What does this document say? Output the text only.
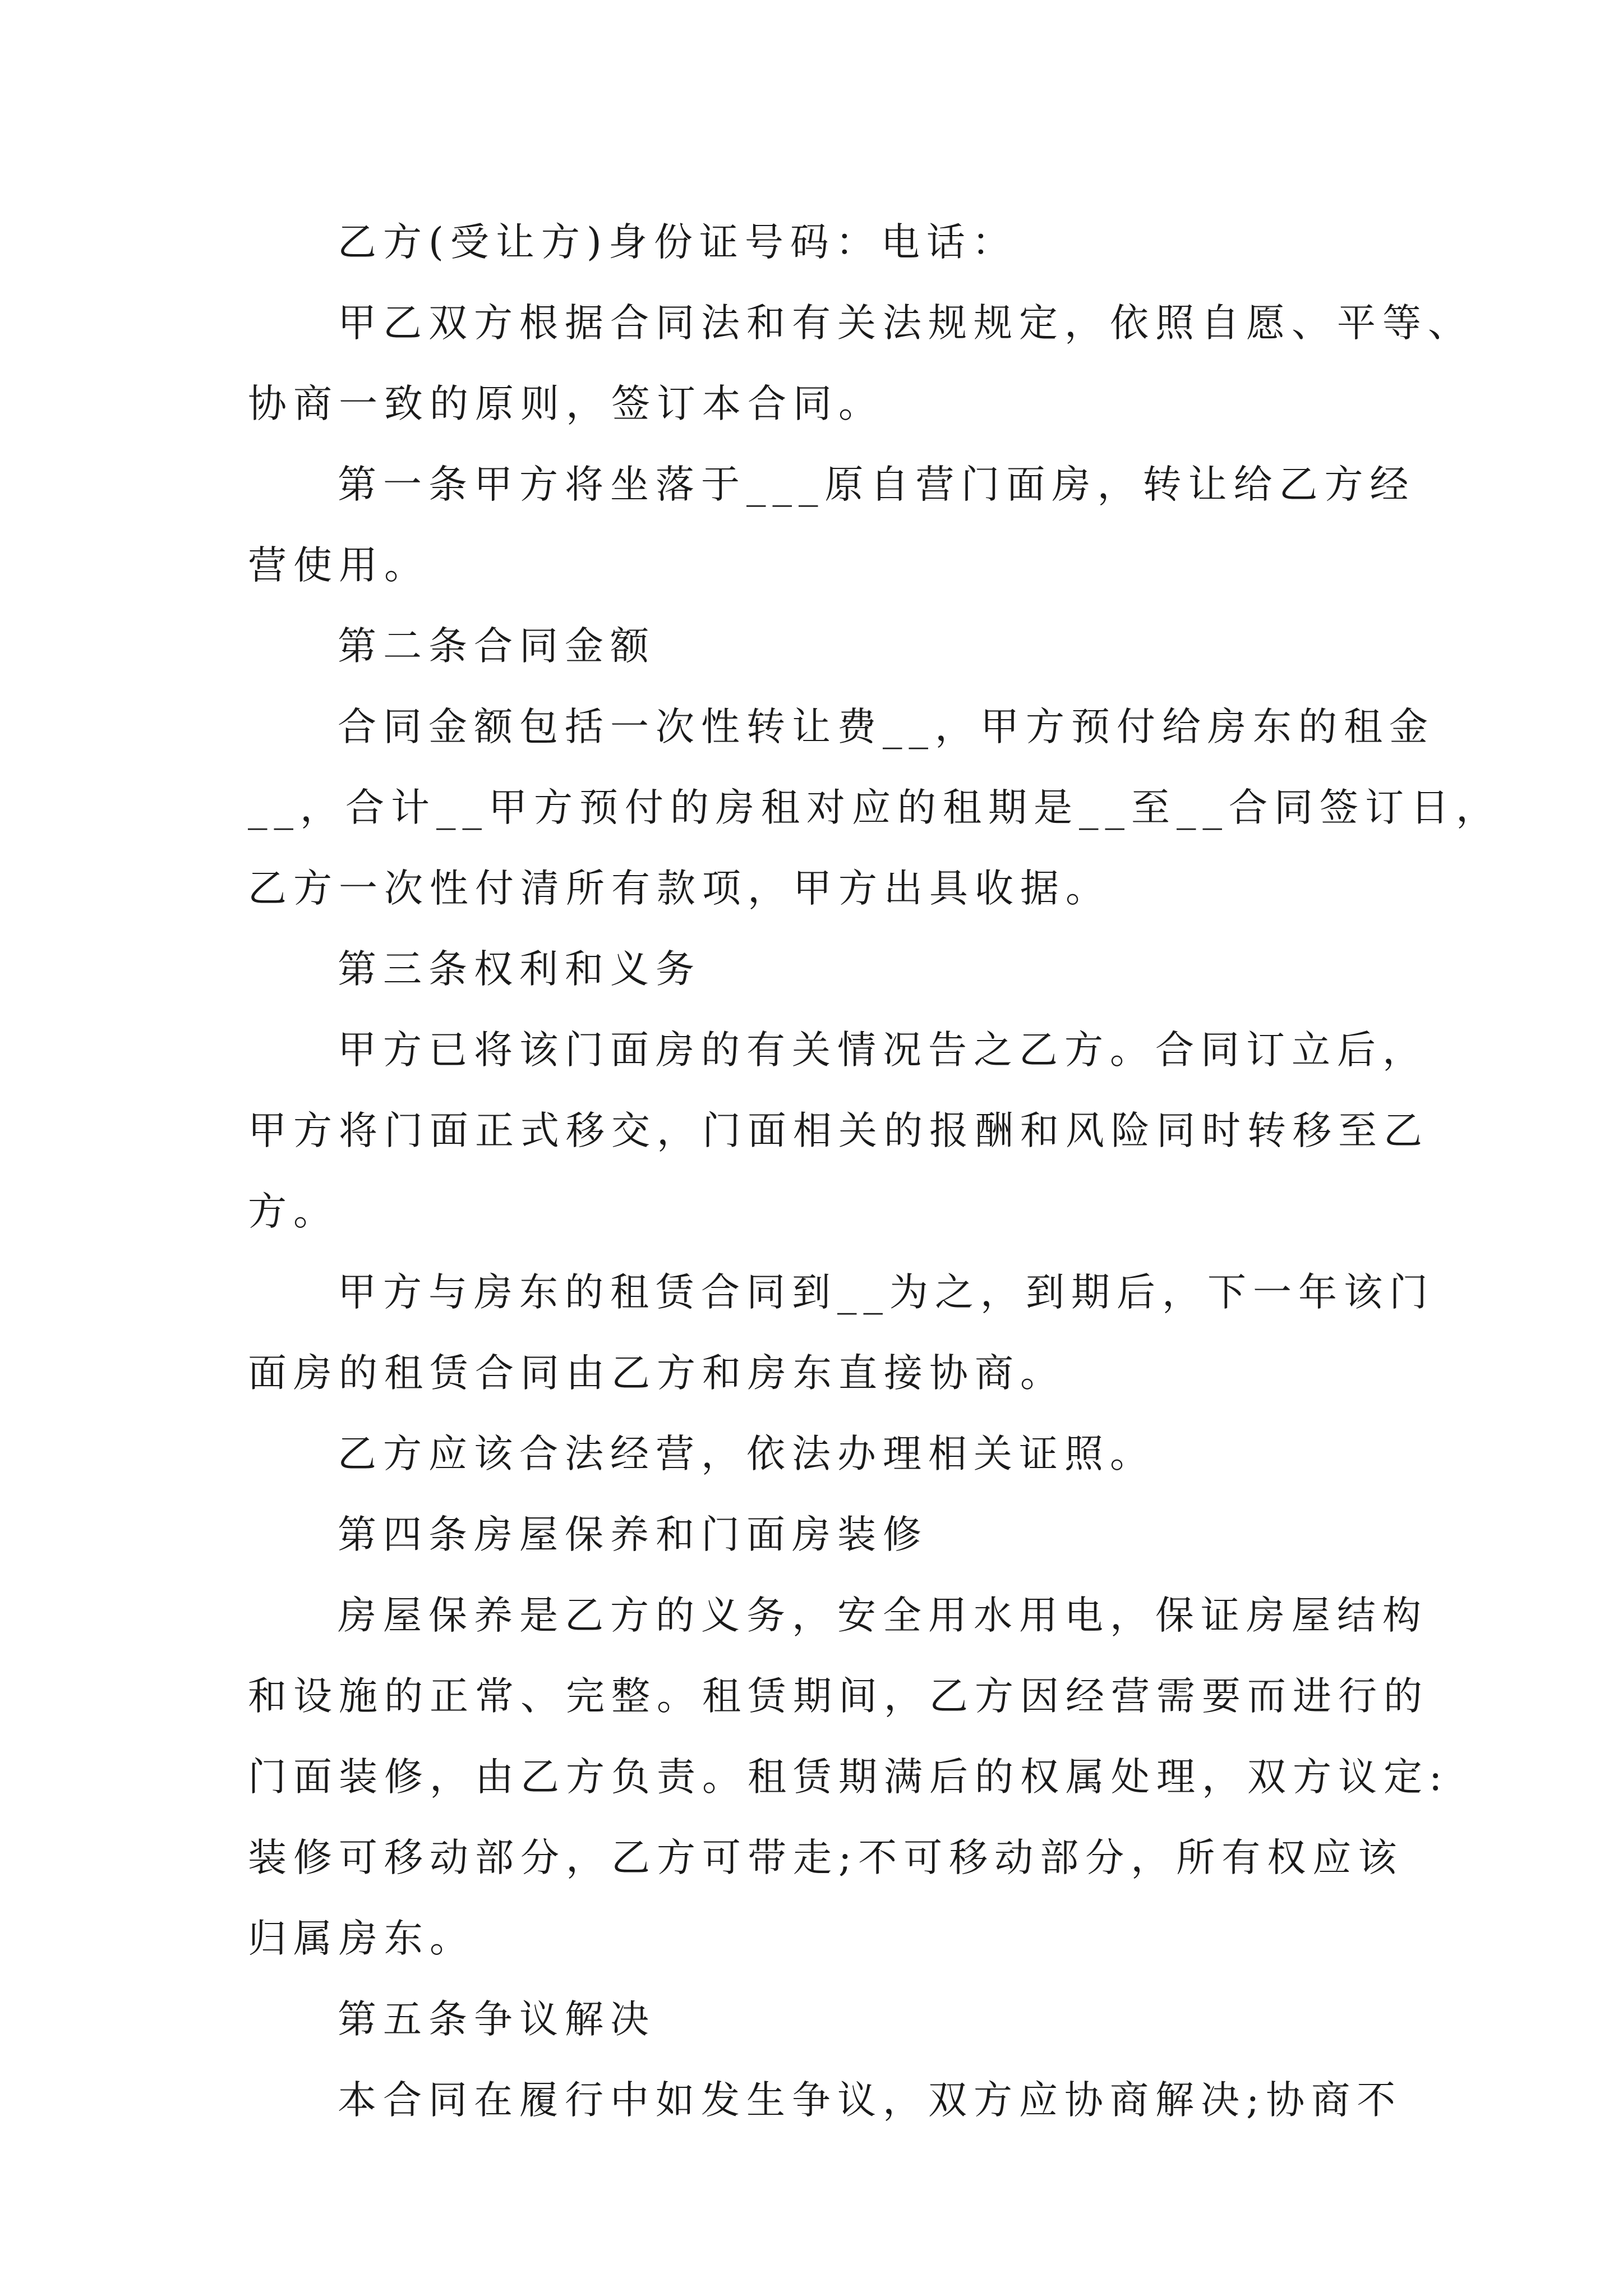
乙方(受让方)身份证号码：电话：
甲乙双方根据合同法和有关法规规定，依照自愿、平等、
协商一致的原则，签订本合同。
第一条甲方将坐落于___原自营门面房，转让给乙方经
营使用。
第二条合同金额
合同金额包括一次性转让费__，甲方预付给房东的租金
__，合计__甲方预付的房租对应的租期是__至__合同签订日，
乙方一次性付清所有款项，甲方出具收据。
第三条权利和义务
甲方已将该门面房的有关情况告之乙方。合同订立后，
甲方将门面正式移交，门面相关的报酬和风险同时转移至乙
方。
甲方与房东的租赁合同到__为之，到期后，下一年该门
面房的租赁合同由乙方和房东直接协商。
乙方应该合法经营，依法办理相关证照。
第四条房屋保养和门面房装修
房屋保养是乙方的义务，安全用水用电，保证房屋结构
和设施的正常、完整。租赁期间，乙方因经营需要而进行的
门面装修，由乙方负责。租赁期满后的权属处理，双方议定:
装修可移动部分，乙方可带走;不可移动部分，所有权应该
归属房东。
第五条争议解决
本合同在履行中如发生争议，双方应协商解决;协商不
